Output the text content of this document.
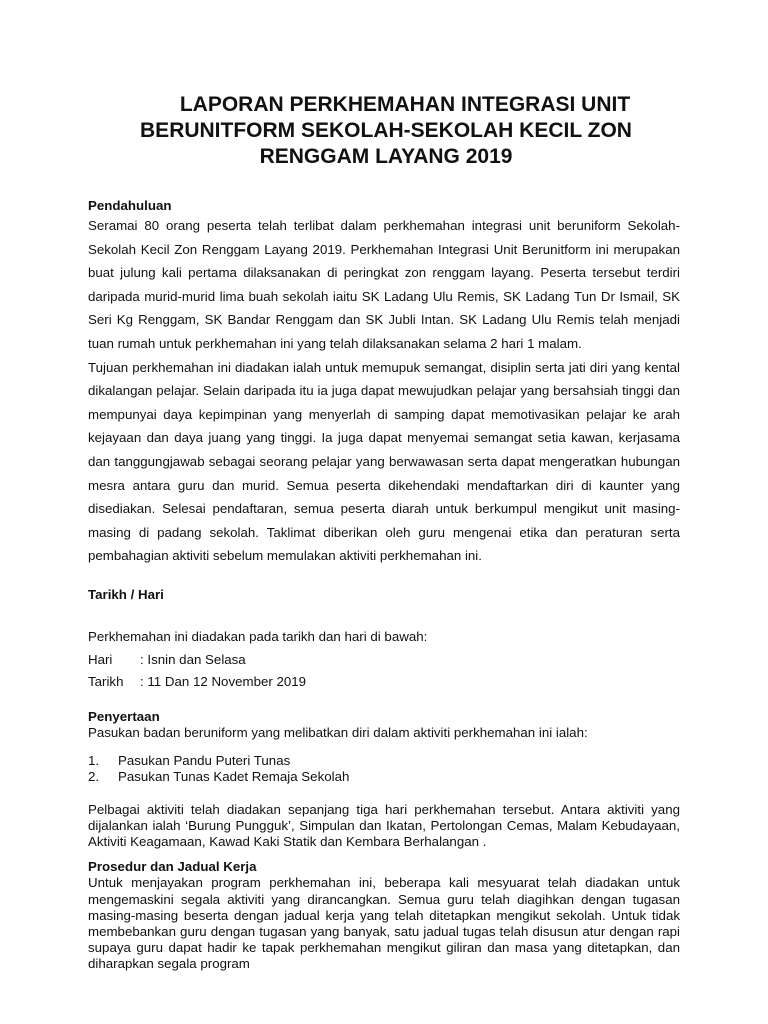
LAPORAN PERKHEMAHAN INTEGRASI UNIT
BERUNITFORM SEKOLAH-SEKOLAH KECIL ZON
RENGGAM LAYANG 2019

Pendahuluan

Seramai 80 orang peserta telah terlibat dalam perkhemahan integrasi unit beruniform Sekolah-Sekolah Kecil Zon Renggam Layang 2019. Perkhemahan Integrasi Unit Berunitform ini merupakan buat julung kali pertama dilaksanakan di peringkat zon renggam layang. Peserta tersebut terdiri daripada murid-murid lima buah sekolah iaitu SK Ladang Ulu Remis, SK Ladang Tun Dr Ismail, SK Seri Kg Renggam, SK Bandar Renggam dan SK Jubli Intan. SK Ladang Ulu Remis telah menjadi tuan rumah untuk perkhemahan ini yang telah dilaksanakan selama 2 hari 1 malam.

Tujuan perkhemahan ini diadakan ialah untuk memupuk semangat, disiplin serta jati diri yang kental dikalangan pelajar. Selain daripada itu ia juga dapat mewujudkan pelajar yang bersahsiah tinggi dan mempunyai daya kepimpinan yang menyerlah di samping dapat memotivasikan pelajar ke arah kejayaan dan daya juang yang tinggi. Ia juga dapat menyemai semangat setia kawan, kerjasama dan tanggungjawab sebagai seorang pelajar yang berwawasan serta dapat mengeratkan hubungan mesra antara guru dan murid. Semua peserta dikehendaki mendaftarkan diri di kaunter yang disediakan. Selesai pendaftaran, semua peserta diarah untuk berkumpul mengikut unit masing-masing di padang sekolah. Taklimat diberikan oleh guru mengenai etika dan peraturan serta pembahagian aktiviti sebelum memulakan aktiviti perkhemahan ini.

Tarikh / Hari

Perkhemahan ini diadakan pada tarikh dan hari di bawah:

Hari	: Isnin dan Selasa
Tarikh	: 11 Dan 12 November 2019

Penyertaan

Pasukan badan beruniform yang melibatkan diri dalam aktiviti perkhemahan ini ialah:

1.	Pasukan Pandu Puteri Tunas
2.	Pasukan Tunas Kadet Remaja Sekolah

Pelbagai aktiviti telah diadakan sepanjang tiga hari perkhemahan tersebut. Antara aktiviti yang dijalankan ialah ‘Burung Pungguk’, Simpulan dan Ikatan, Pertolongan Cemas, Malam Kebudayaan, Aktiviti Keagamaan, Kawad Kaki Statik dan Kembara Berhalangan .

Prosedur dan Jadual Kerja

Untuk menjayakan program perkhemahan ini, beberapa kali mesyuarat telah diadakan untuk mengemaskini segala aktiviti yang dirancangkan. Semua guru telah diagihkan dengan tugasan masing-masing beserta dengan jadual kerja yang telah ditetapkan mengikut sekolah. Untuk tidak membebankan guru dengan tugasan yang banyak, satu jadual tugas telah disusun atur dengan rapi supaya guru dapat hadir ke tapak perkhemahan mengikut giliran dan masa yang ditetapkan, dan diharapkan segala program
